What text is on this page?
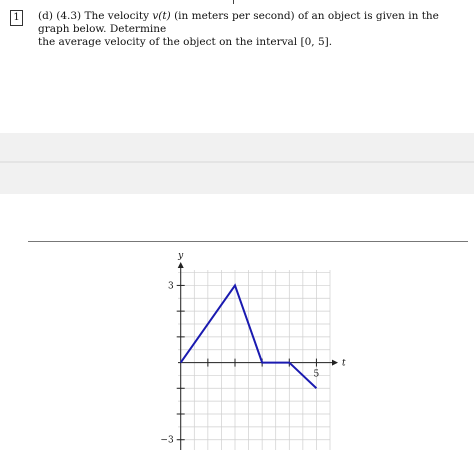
1	(d) (4.3) The velocity v(t) (in meters per second) of an object is given in the graph below. Determine
the average velocity of the object on the interval [0, 5].
5
3
−3
t
y
